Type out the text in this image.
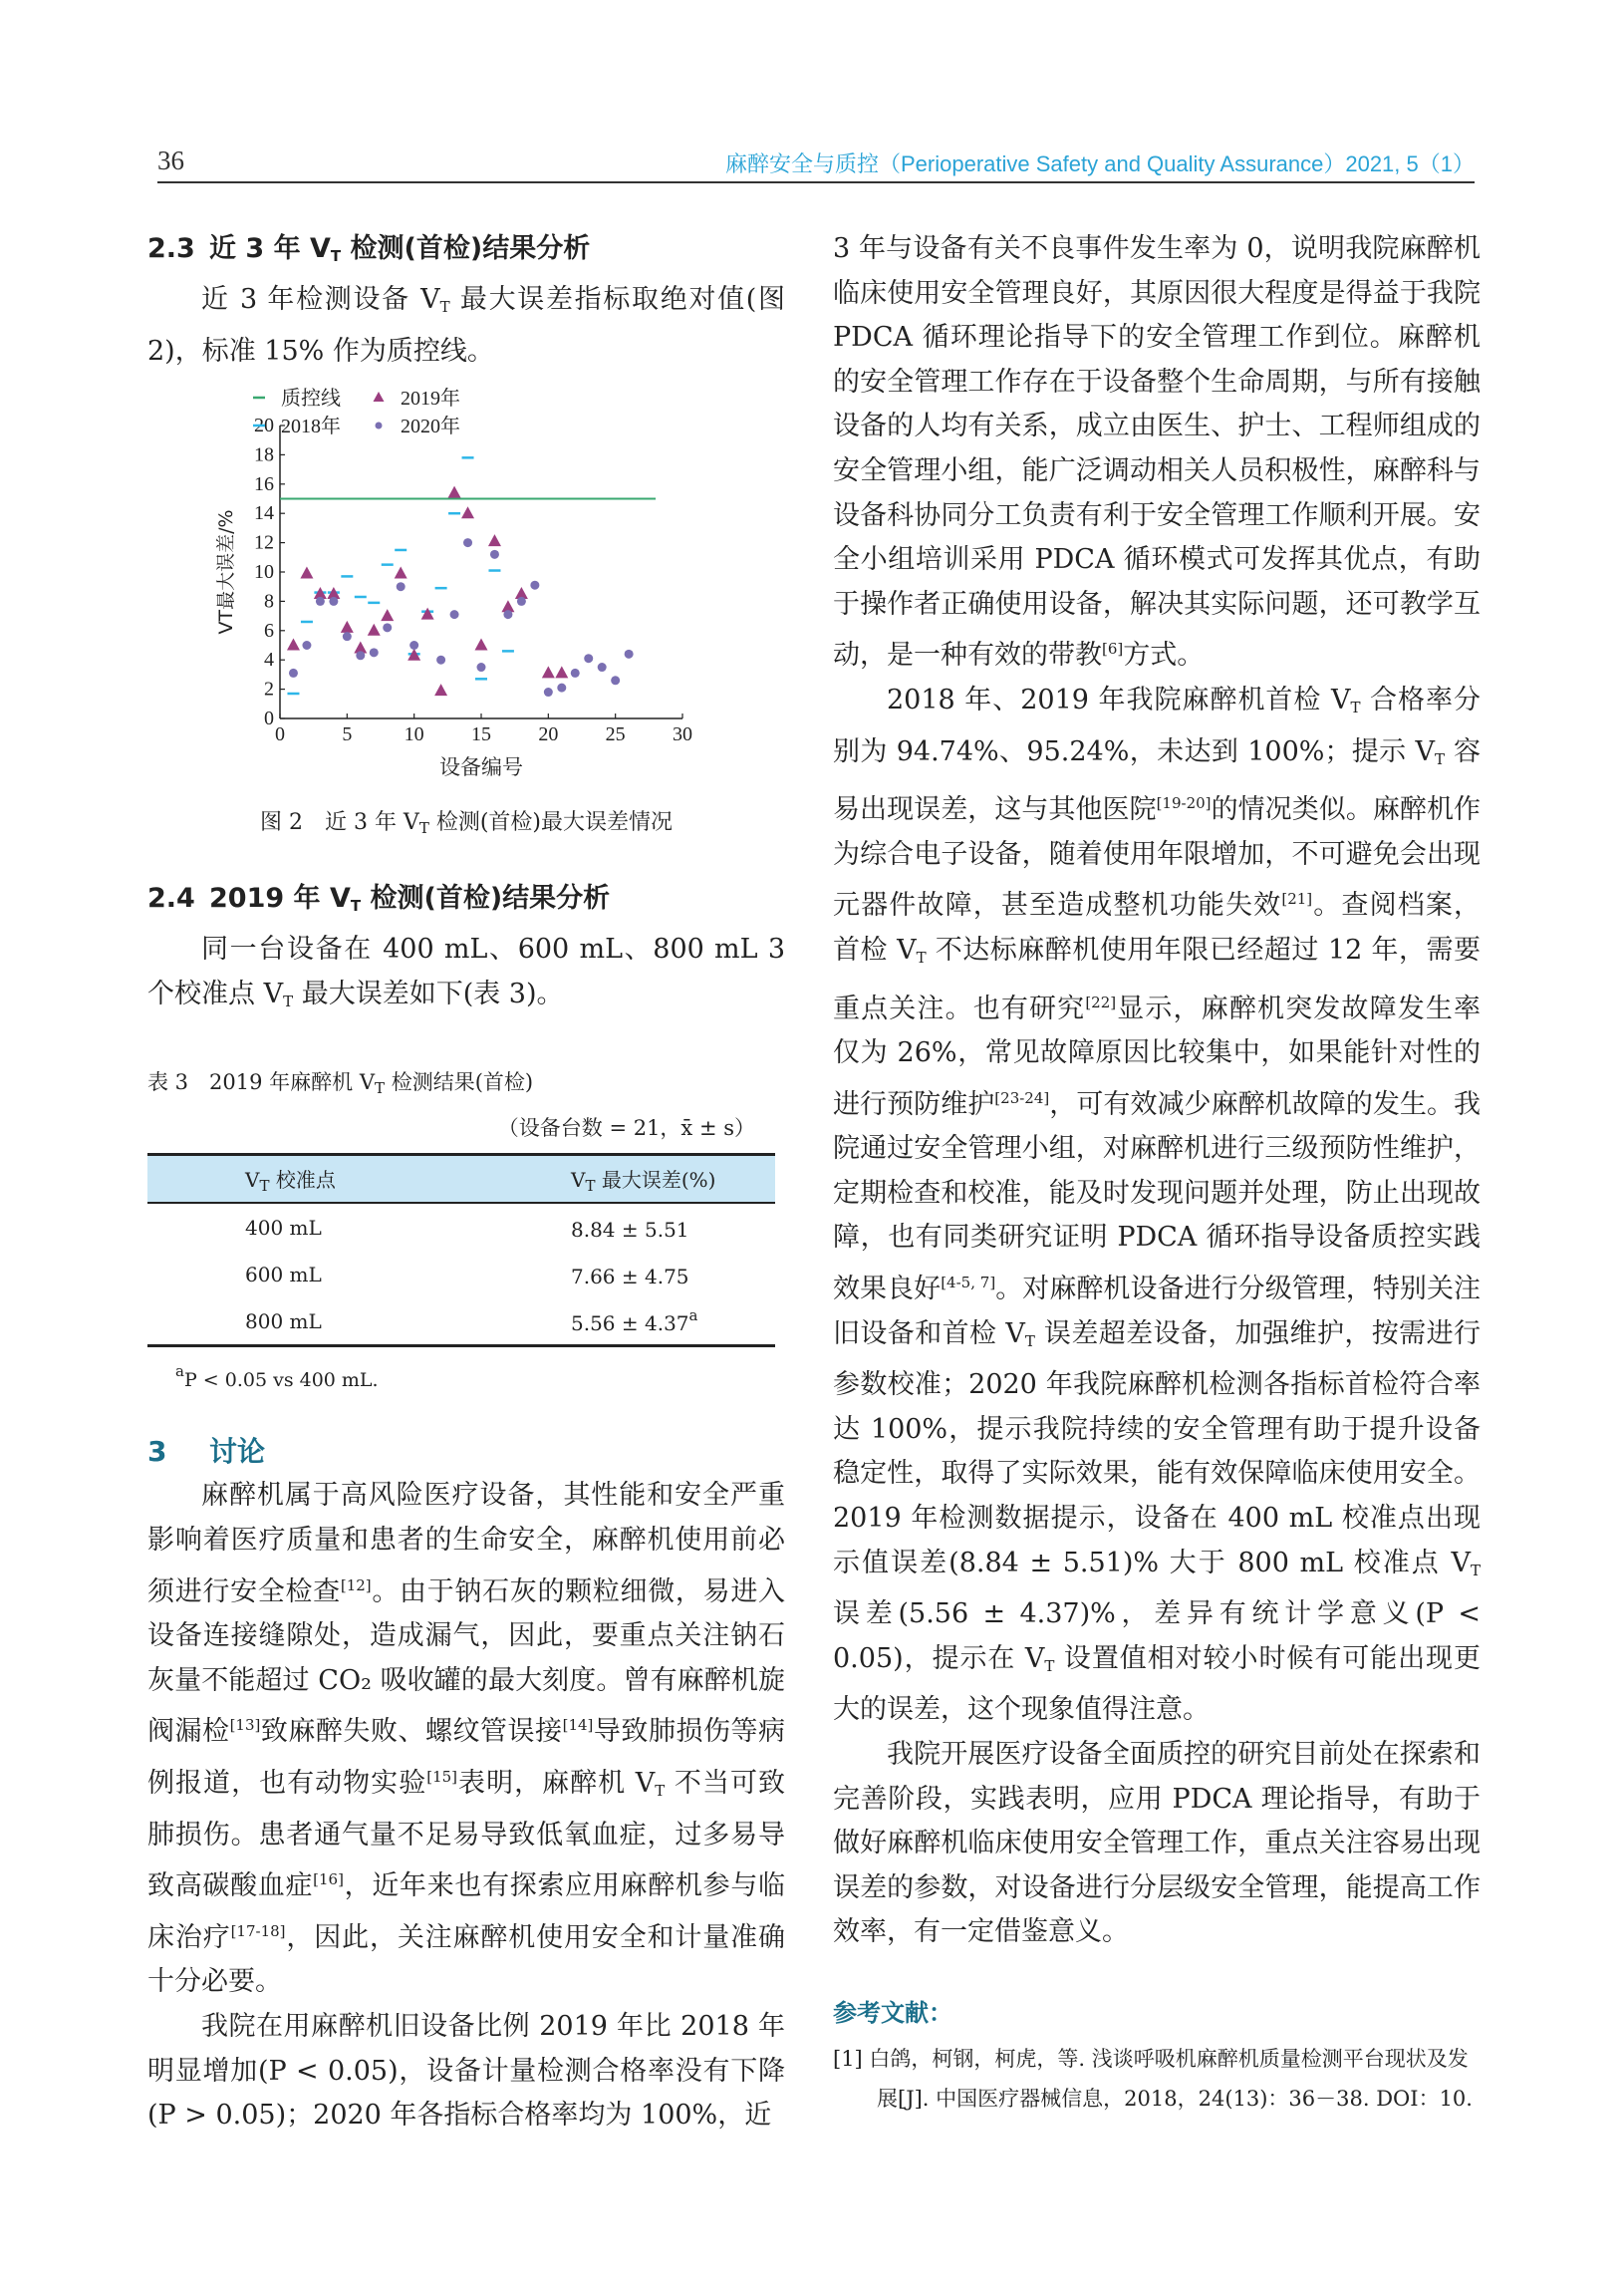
36	麻醉安全与质控（Perioperative Safety and Quality Assurance）2021, 5（1）
2.3 近 3 年 $V_T$ 检测(首检)结果分析

近 3 年检测设备 $V_T$ 最大误差指标取绝对值(图 2)，标准 15% 作为质控线。

0	5	10 15 20 25 30
0
2
4
6
8
10
12
14
16
18
20
设备编号
VT最大误差/%
质控线	2019年
2018年	2020年
图 2　近 3 年 $V_T$ 检测(首检)最大误差情况
2.4 2019 年 $V_T$ 检测(首检)结果分析

同一台设备在 400 mL、600 mL、800 mL 3 个校准点 $V_T$ 最大误差如下(表 3)。

表 3　2019 年麻醉机 $V_T$ 检测结果(首检)
（设备台数 = 21，x̄ ± s）
$V_T$ 校准点	$V_T$ 最大误差(%)
400 mL	8.84 ± 5.51
600 mL	7.66 ± 4.75
800 mL	5.56 ± 4.37$^a$
$^a$P < 0.05 vs 400 mL.
3 讨论

麻醉机属于高风险医疗设备，其性能和安全严重影响着医疗质量和患者的生命安全，麻醉机使用前必须进行安全检查[12]。由于钠石灰的颗粒细微，易进入设备连接缝隙处，造成漏气，因此，要重点关注钠石灰量不能超过 CO₂ 吸收罐的最大刻度。曾有麻醉机旋阀漏检[13]致麻醉失败、螺纹管误接[14]导致肺损伤等病例报道，也有动物实验[15]表明，麻醉机 $V_T$ 不当可致肺损伤。患者通气量不足易导致低氧血症，过多易导致高碳酸血症[16]，近年来也有探索应用麻醉机参与临床治疗[17-18]，因此，关注麻醉机使用安全和计量准确十分必要。

我院在用麻醉机旧设备比例 2019 年比 2018 年明显增加(P < 0.05)，设备计量检测合格率没有下降(P > 0.05)；2020 年各指标合格率均为 100%，近

3 年与设备有关不良事件发生率为 0，说明我院麻醉机临床使用安全管理良好，其原因很大程度是得益于我院 PDCA 循环理论指导下的安全管理工作到位。麻醉机的安全管理工作存在于设备整个生命周期，与所有接触设备的人均有关系，成立由医生、护士、工程师组成的安全管理小组，能广泛调动相关人员积极性，麻醉科与设备科协同分工负责有利于安全管理工作顺利开展。安全小组培训采用 PDCA 循环模式可发挥其优点，有助于操作者正确使用设备，解决其实际问题，还可教学互动，是一种有效的带教[6]方式。

2018 年、2019 年我院麻醉机首检 $V_T$ 合格率分别为 94.74%、95.24%，未达到 100%；提示 $V_T$ 容易出现误差，这与其他医院[19-20]的情况类似。麻醉机作为综合电子设备，随着使用年限增加，不可避免会出现元器件故障，甚至造成整机功能失效[21]。查阅档案，首检 $V_T$ 不达标麻醉机使用年限已经超过 12 年，需要重点关注。也有研究[22]显示，麻醉机突发故障发生率仅为 26%，常见故障原因比较集中，如果能针对性的进行预防维护[23-24]，可有效减少麻醉机故障的发生。我院通过安全管理小组，对麻醉机进行三级预防性维护，定期检查和校准，能及时发现问题并处理，防止出现故障，也有同类研究证明 PDCA 循环指导设备质控实践效果良好[4-5, 7]。对麻醉机设备进行分级管理，特别关注旧设备和首检 $V_T$ 误差超差设备，加强维护，按需进行参数校准；2020 年我院麻醉机检测各指标首检符合率达 100%，提示我院持续的安全管理有助于提升设备稳定性，取得了实际效果，能有效保障临床使用安全。2019 年检测数据提示，设备在 400 mL 校准点出现示值误差(8.84 ± 5.51)% 大于 800 mL 校准点 $V_T$ 误差(5.56 ± 4.37)%，差异有统计学意义(P < 0.05)，提示在 $V_T$ 设置值相对较小时候有可能出现更大的误差，这个现象值得注意。

我院开展医疗设备全面质控的研究目前处在探索和完善阶段，实践表明，应用 PDCA 理论指导，有助于做好麻醉机临床使用安全管理工作，重点关注容易出现误差的参数，对设备进行分层级安全管理，能提高工作效率，有一定借鉴意义。

参考文献：
[1] 白鸽，柯钢，柯虎，等. 浅谈呼吸机麻醉机质量检测平台现状及发展[J]. 中国医疗器械信息，2018，24(13)：36－38. DOI：10.
